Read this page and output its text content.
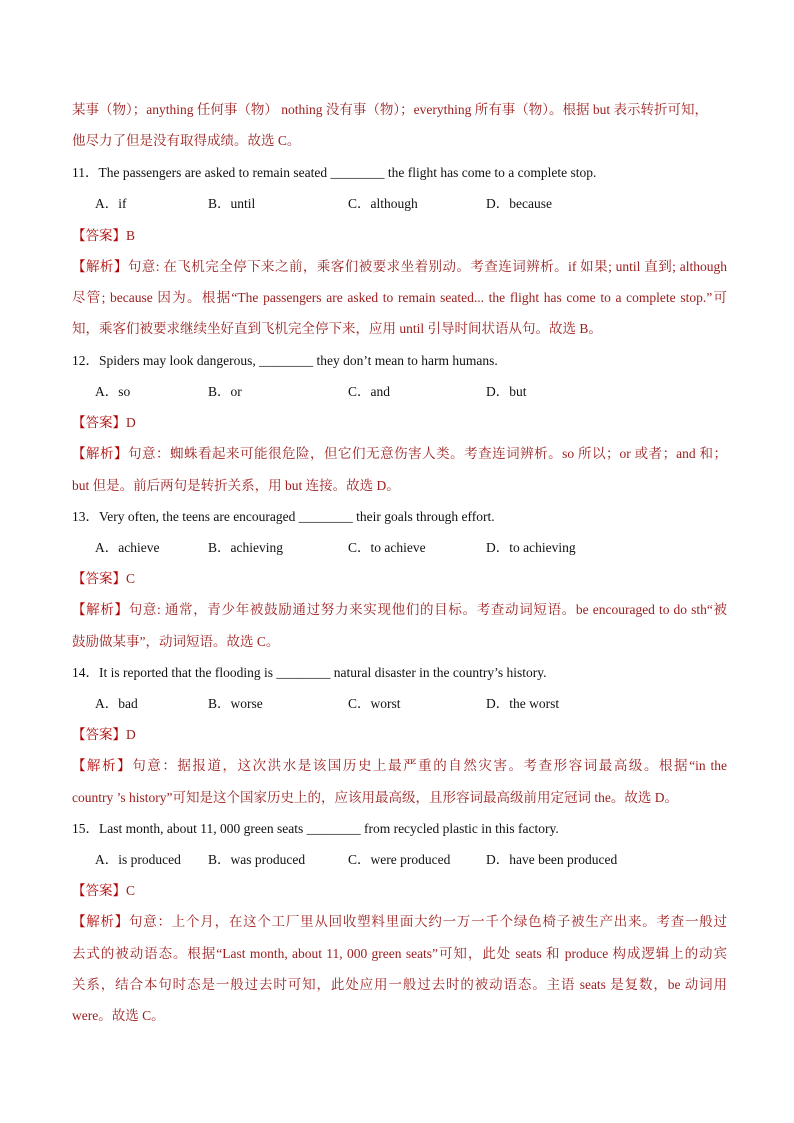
某事（物）；anything 任何事（物） nothing 没有事（物）；everything 所有事（物）。根据 but 表示转折可知，
他尽力了但是没有取得成绩。故选 C。
11．The passengers are asked to remain seated ________ the flight has come to a complete stop.
A．if	B．until	C．although	D．because
【答案】B
【解析】句意: 在飞机完全停下来之前，乘客们被要求坐着别动。考查连词辨析。if 如果; until 直到; although
尽管; because 因为。根据“The passengers are asked to remain seated... the flight has come to a complete stop.”可
知，乘客们被要求继续坐好直到飞机完全停下来，应用 until 引导时间状语从句。故选 B。
12．Spiders may look dangerous, ________ they don’t mean to harm humans.
A．so	B．or	C．and	D．but
【答案】D
【解析】句意：蜘蛛看起来可能很危险，但它们无意伤害人类。考查连词辨析。so 所以；or 或者；and 和；
but 但是。前后两句是转折关系，用 but 连接。故选 D。
13．Very often, the teens are encouraged ________ their goals through effort.
A．achieve	B．achieving	C．to achieve	D．to achieving
【答案】C
【解析】句意: 通常，青少年被鼓励通过努力来实现他们的目标。考查动词短语。be encouraged to do sth“被
鼓励做某事”，动词短语。故选 C。
14．It is reported that the flooding is ________ natural disaster in the country’s history.
A．bad	B．worse	C．worst	D．the worst
【答案】D
【解析】句意：据报道，这次洪水是该国历史上最严重的自然灾害。考查形容词最高级。根据“in the
country ’s history”可知是这个国家历史上的，应该用最高级，且形容词最高级前用定冠词 the。故选 D。
15．Last month, about 11, 000 green seats ________ from recycled plastic in this factory.
A．is produced B．was produced	C．were produced	D．have been produced
【答案】C
【解析】句意：上个月，在这个工厂里从回收塑料里面大约一万一千个绿色椅子被生产出来。考查一般过
去式的被动语态。根据“Last month, about 11, 000 green seats”可知，此处 seats 和 produce 构成逻辑上的动宾
关系，结合本句时态是一般过去时可知，此处应用一般过去时的被动语态。主语 seats 是复数，be 动词用
were。故选 C。
